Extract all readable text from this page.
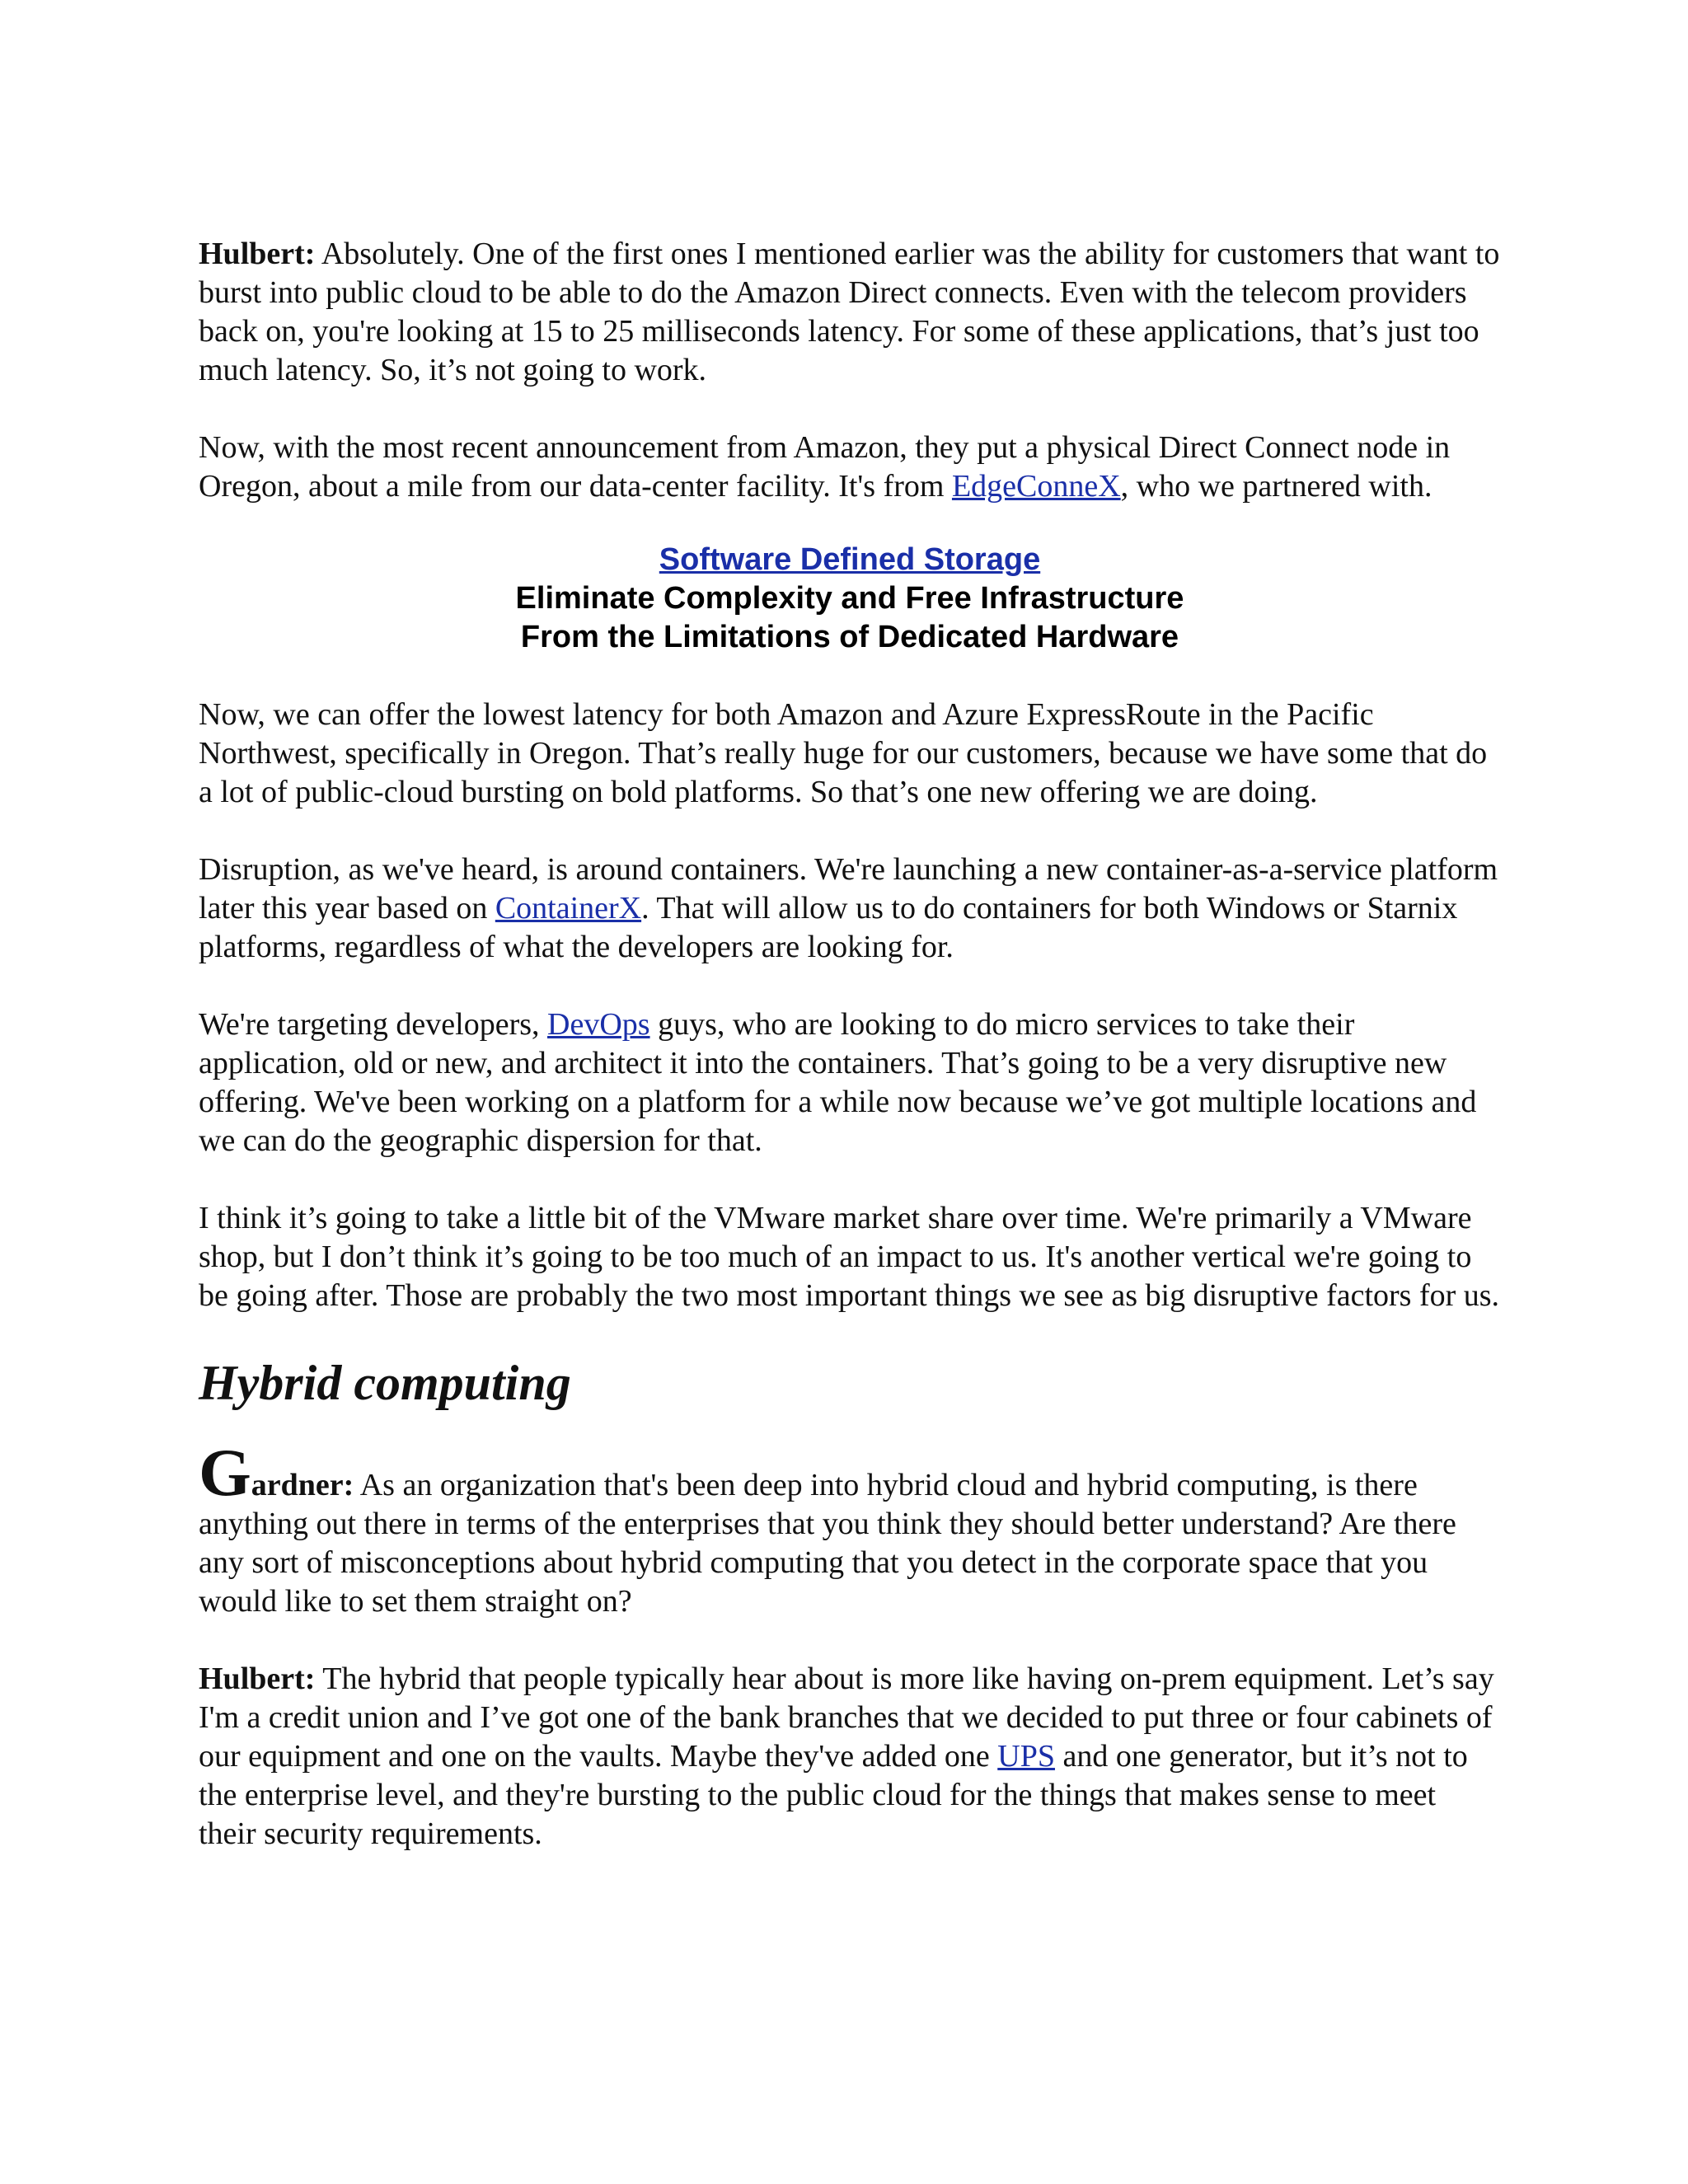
Hulbert: Absolutely. One of the first ones I mentioned earlier was the ability for customers that want to burst into public cloud to be able to do the Amazon Direct connects. Even with the telecom providers back on, you're looking at 15 to 25 milliseconds latency. For some of these applications, that’s just too much latency. So, it’s not going to work.

Now, with the most recent announcement from Amazon, they put a physical Direct Connect node in Oregon, about a mile from our data-center facility. It's from EdgeConneX, who we partnered with.

Software Defined Storage
Eliminate Complexity and Free Infrastructure
From the Limitations of Dedicated Hardware

Now, we can offer the lowest latency for both Amazon and Azure ExpressRoute in the Pacific Northwest, specifically in Oregon. That’s really huge for our customers, because we have some that do a lot of public-cloud bursting on bold platforms. So that’s one new offering we are doing.

Disruption, as we've heard, is around containers. We're launching a new container-as-a-service platform later this year based on ContainerX. That will allow us to do containers for both Windows or Starnix platforms, regardless of what the developers are looking for.

We're targeting developers, DevOps guys, who are looking to do micro services to take their application, old or new, and architect it into the containers. That’s going to be a very disruptive new offering. We've been working on a platform for a while now because we’ve got multiple locations and we can do the geographic dispersion for that.

I think it’s going to take a little bit of the VMware market share over time. We're primarily a VMware shop, but I don’t think it’s going to be too much of an impact to us. It's another vertical we're going to be going after. Those are probably the two most important things we see as big disruptive factors for us.

Hybrid computing

Gardner: As an organization that's been deep into hybrid cloud and hybrid computing, is there anything out there in terms of the enterprises that you think they should better understand? Are there any sort of misconceptions about hybrid computing that you detect in the corporate space that you would like to set them straight on?

Hulbert: The hybrid that people typically hear about is more like having on-prem equipment. Let’s say I'm a credit union and I’ve got one of the bank branches that we decided to put three or four cabinets of our equipment and one on the vaults. Maybe they've added one UPS and one generator, but it’s not to the enterprise level, and they're bursting to the public cloud for the things that makes sense to meet their security requirements.
